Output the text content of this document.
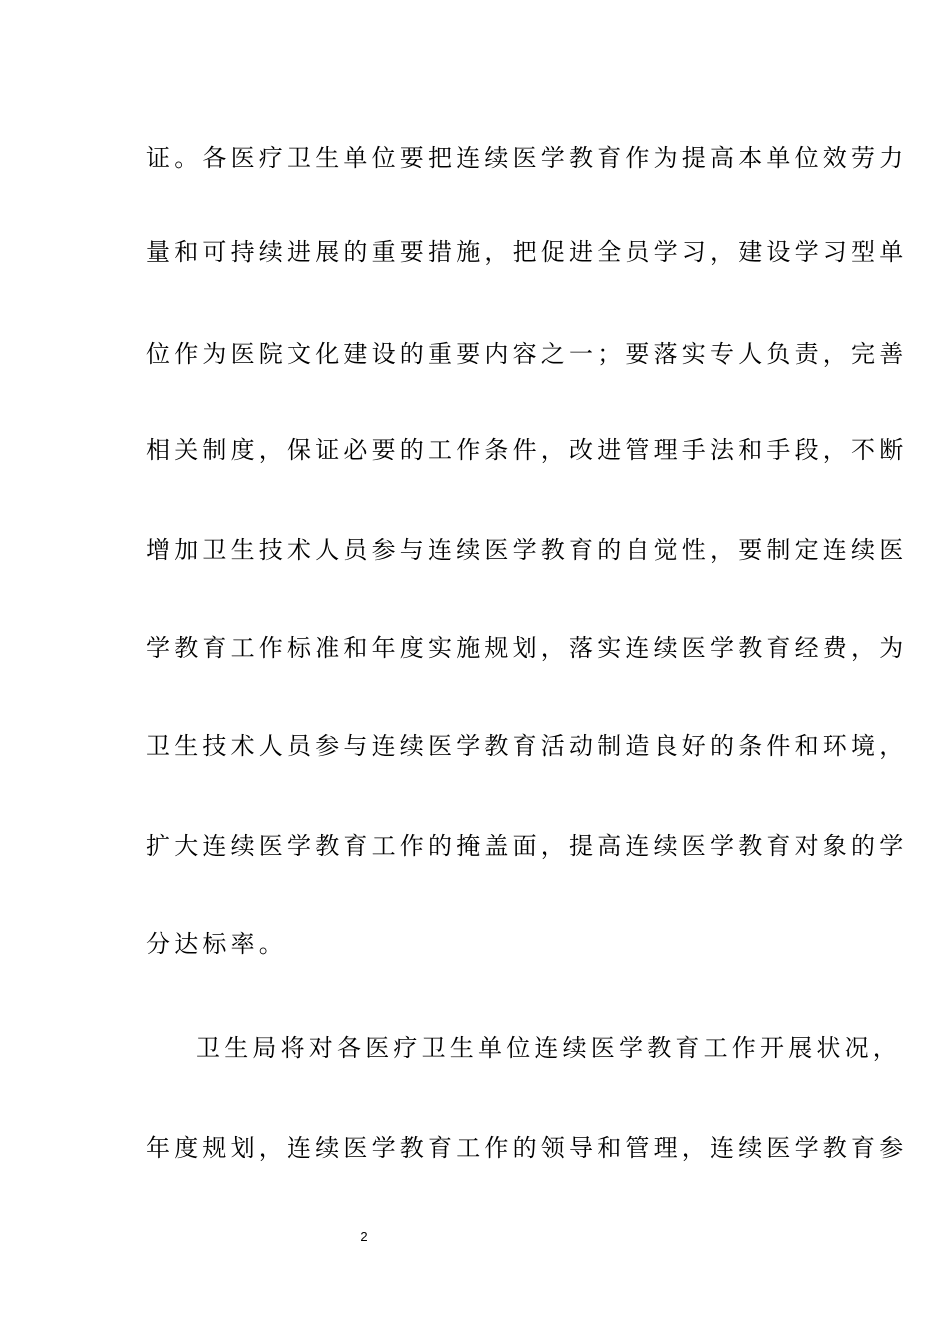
证。各医疗卫生单位要把连续医学教育作为提高本单位效劳力
量和可持续进展的重要措施，把促进全员学习，建设学习型单
位作为医院文化建设的重要内容之一；要落实专人负责，完善
相关制度，保证必要的工作条件，改进管理手法和手段，不断
增加卫生技术人员参与连续医学教育的自觉性，要制定连续医
学教育工作标准和年度实施规划，落实连续医学教育经费，为
卫生技术人员参与连续医学教育活动制造良好的条件和环境，
扩大连续医学教育工作的掩盖面，提高连续医学教育对象的学
分达标率。
卫生局将对各医疗卫生单位连续医学教育工作开展状况，
年度规划，连续医学教育工作的领导和管理，连续医学教育参
2
